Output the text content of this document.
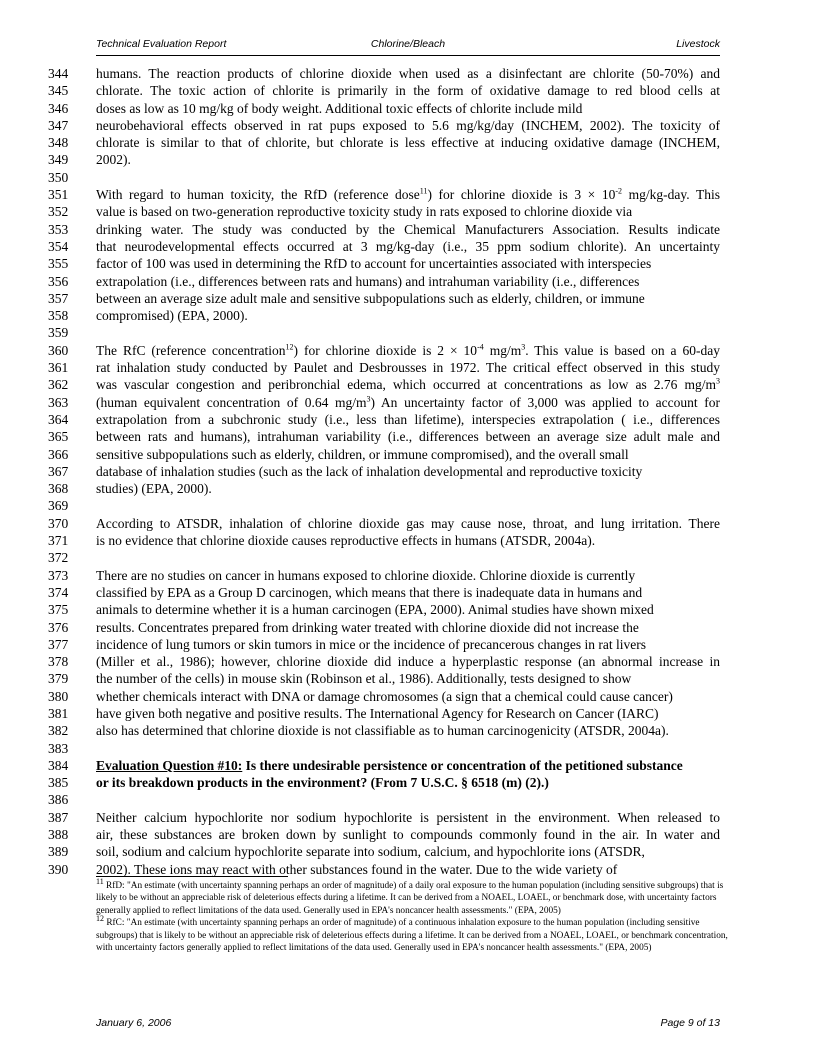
Technical Evaluation Report	Chlorine/Bleach	Livestock
344	humans. The reaction products of chlorine dioxide when used as a disinfectant are chlorite (50-70%) and
345	chlorate. The toxic action of chlorite is primarily in the form of oxidative damage to red blood cells at
346	doses as low as 10 mg/kg of body weight. Additional toxic effects of chlorite include mild
347	neurobehavioral effects observed in rat pups exposed to 5.6 mg/kg/day (INCHEM, 2002). The toxicity of
348	chlorate is similar to that of chlorite, but chlorate is less effective at inducing oxidative damage (INCHEM,
349	2002).
350
351	With regard to human toxicity, the RfD (reference dose$^{11}$) for chlorine dioxide is $3 \times 10^{-2}$ mg/kg-day. This
352	value is based on two-generation reproductive toxicity study in rats exposed to chlorine dioxide via
353	drinking water. The study was conducted by the Chemical Manufacturers Association. Results indicate
354	that neurodevelopmental effects occurred at 3 mg/kg-day (i.e., 35 ppm sodium chlorite). An uncertainty
355	factor of 100 was used in determining the RfD to account for uncertainties associated with interspecies
356	extrapolation (i.e., differences between rats and humans) and intrahuman variability (i.e., differences
357	between an average size adult male and sensitive subpopulations such as elderly, children, or immune
358	compromised) (EPA, 2000).
359
360	The RfC (reference concentration$^{12}$) for chlorine dioxide is $2 \times 10^{-4}$ $mg/m^3$. This value is based on a 60-day
361	rat inhalation study conducted by Paulet and Desbrousses in 1972. The critical effect observed in this study
362	was vascular congestion and peribronchial edema, which occurred at concentrations as low as 2.76 $mg/m^3$
363	(human equivalent concentration of 0.64 $mg/m^3$) An uncertainty factor of 3,000 was applied to account for
364	extrapolation from a subchronic study (i.e., less than lifetime), interspecies extrapolation ( i.e., differences
365	between rats and humans), intrahuman variability (i.e., differences between an average size adult male and
366	sensitive subpopulations such as elderly, children, or immune compromised), and the overall small
367	database of inhalation studies (such as the lack of inhalation developmental and reproductive toxicity
368	studies) (EPA, 2000).
369
370	According to ATSDR, inhalation of chlorine dioxide gas may cause nose, throat, and lung irritation. There
371	is no evidence that chlorine dioxide causes reproductive effects in humans (ATSDR, 2004a).
372
373	There are no studies on cancer in humans exposed to chlorine dioxide. Chlorine dioxide is currently
374	classified by EPA as a Group D carcinogen, which means that there is inadequate data in humans and
375	animals to determine whether it is a human carcinogen (EPA, 2000). Animal studies have shown mixed
376	results. Concentrates prepared from drinking water treated with chlorine dioxide did not increase the
377	incidence of lung tumors or skin tumors in mice or the incidence of precancerous changes in rat livers
378	(Miller et al., 1986); however, chlorine dioxide did induce a hyperplastic response (an abnormal increase in
379	the number of the cells) in mouse skin (Robinson et al., 1986). Additionally, tests designed to show
380	whether chemicals interact with DNA or damage chromosomes (a sign that a chemical could cause cancer)
381	have given both negative and positive results. The International Agency for Research on Cancer (IARC)
382	also has determined that chlorine dioxide is not classifiable as to human carcinogenicity (ATSDR, 2004a).
383
384	Evaluation Question #10: Is there undesirable persistence or concentration of the petitioned substance
385	or its breakdown products in the environment? (From 7 U.S.C. § 6518 (m) (2).)
386
387	Neither calcium hypochlorite nor sodium hypochlorite is persistent in the environment. When released to
388	air, these substances are broken down by sunlight to compounds commonly found in the air. In water and
389	soil, sodium and calcium hypochlorite separate into sodium, calcium, and hypochlorite ions (ATSDR,
390	2002). These ions may react with other substances found in the water. Due to the wide variety of

$^{11}$ RfD: "An estimate (with uncertainty spanning perhaps an order of magnitude) of a daily oral exposure to the human population (including sensitive subgroups) that is likely to be without an appreciable risk of deleterious effects during a lifetime. It can be derived from a NOAEL, LOAEL, or benchmark dose, with uncertainty factors generally applied to reflect limitations of the data used. Generally used in EPA's noncancer health assessments." (EPA, 2005)

$^{12}$ RfC: "An estimate (with uncertainty spanning perhaps an order of magnitude) of a continuous inhalation exposure to the human population (including sensitive subgroups) that is likely to be without an appreciable risk of deleterious effects during a lifetime. It can be derived from a NOAEL, LOAEL, or benchmark concentration, with uncertainty factors generally applied to reflect limitations of the data used. Generally used in EPA's noncancer health assessments." (EPA, 2005)

January 6, 2006	Page 9 of 13
